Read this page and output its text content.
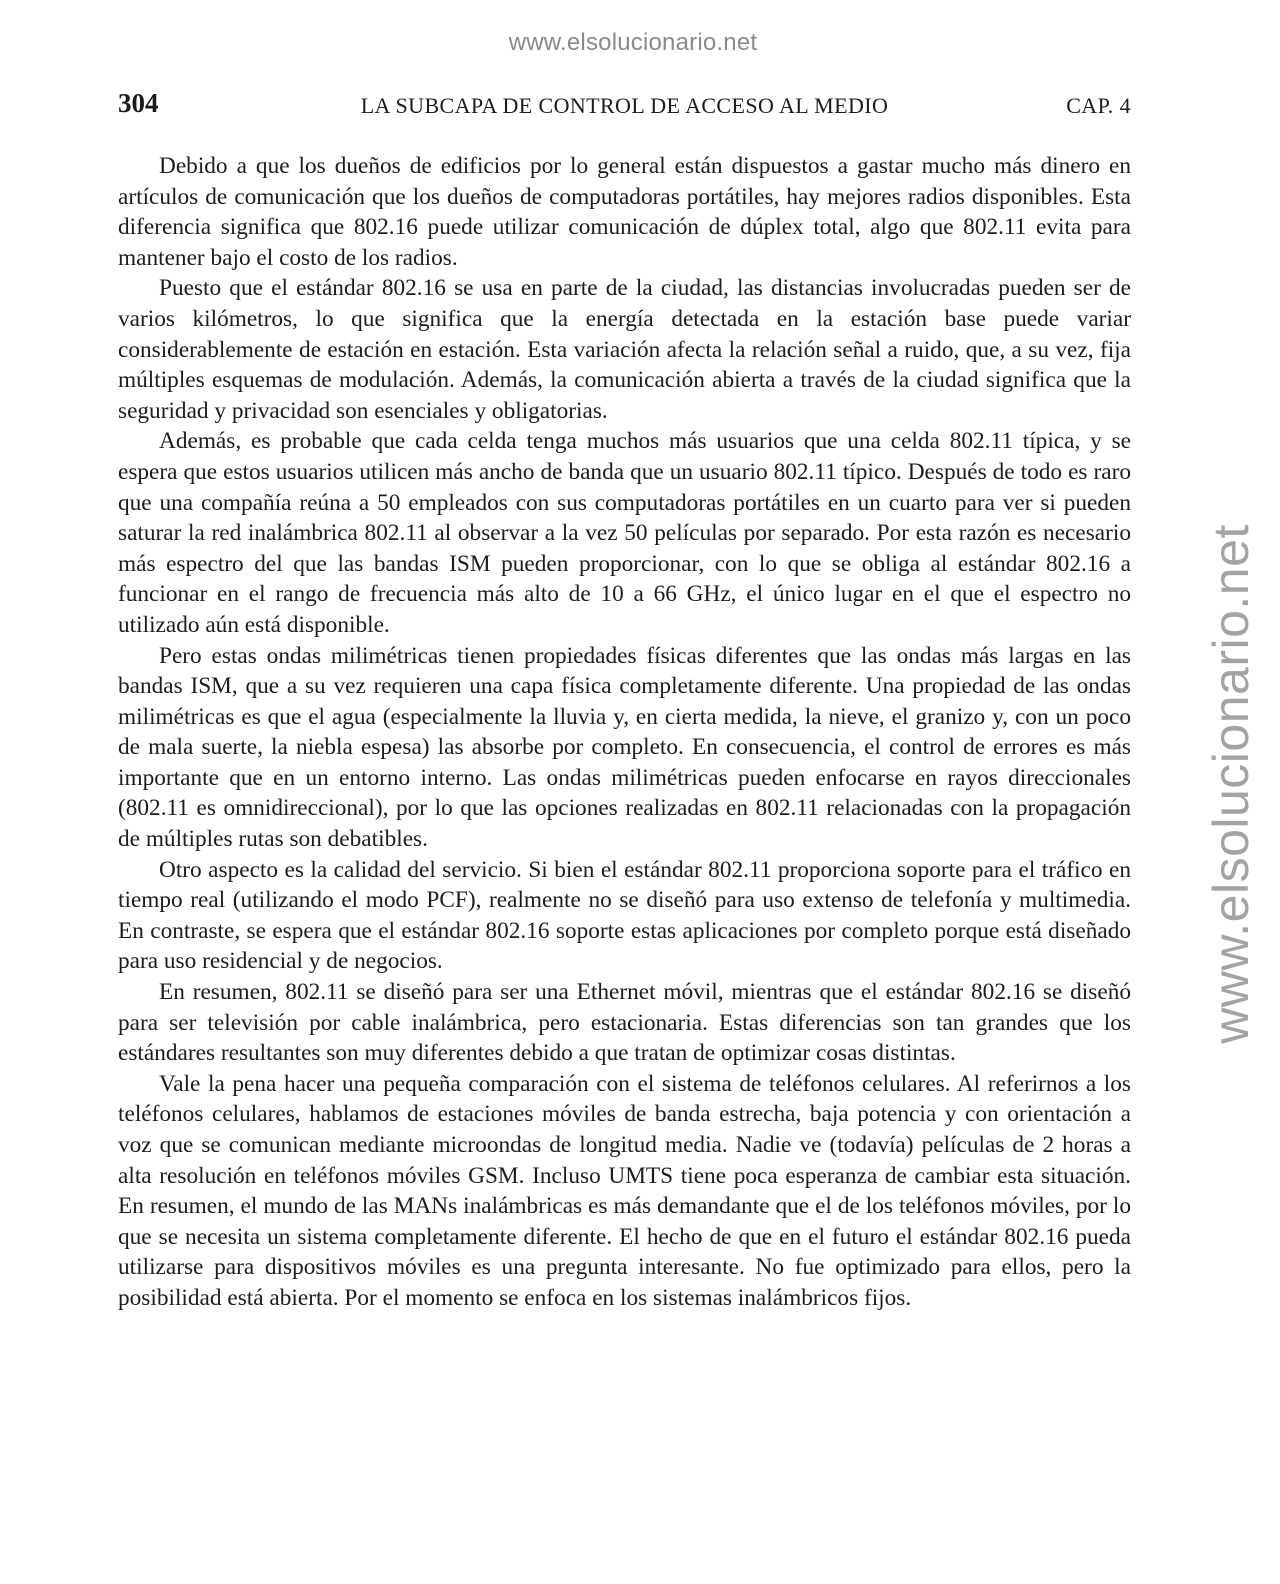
www.elsolucionario.net
304	LA SUBCAPA DE CONTROL DE ACCESO AL MEDIO	CAP. 4

Debido a que los dueños de edificios por lo general están dispuestos a gastar mucho más dinero en artículos de comunicación que los dueños de computadoras portátiles, hay mejores radios disponibles. Esta diferencia significa que 802.16 puede utilizar comunicación de dúplex total, algo que 802.11 evita para mantener bajo el costo de los radios.

Puesto que el estándar 802.16 se usa en parte de la ciudad, las distancias involucradas pueden ser de varios kilómetros, lo que significa que la energía detectada en la estación base puede variar considerablemente de estación en estación. Esta variación afecta la relación señal a ruido, que, a su vez, fija múltiples esquemas de modulación. Además, la comunicación abierta a través de la ciudad significa que la seguridad y privacidad son esenciales y obligatorias.

Además, es probable que cada celda tenga muchos más usuarios que una celda 802.11 típica, y se espera que estos usuarios utilicen más ancho de banda que un usuario 802.11 típico. Después de todo es raro que una compañía reúna a 50 empleados con sus computadoras portátiles en un cuarto para ver si pueden saturar la red inalámbrica 802.11 al observar a la vez 50 películas por separado. Por esta razón es necesario más espectro del que las bandas ISM pueden proporcionar, con lo que se obliga al estándar 802.16 a funcionar en el rango de frecuencia más alto de 10 a 66 GHz, el único lugar en el que el espectro no utilizado aún está disponible.

Pero estas ondas milimétricas tienen propiedades físicas diferentes que las ondas más largas en las bandas ISM, que a su vez requieren una capa física completamente diferente. Una propiedad de las ondas milimétricas es que el agua (especialmente la lluvia y, en cierta medida, la nieve, el granizo y, con un poco de mala suerte, la niebla espesa) las absorbe por completo. En consecuencia, el control de errores es más importante que en un entorno interno. Las ondas milimétricas pueden enfocarse en rayos direccionales (802.11 es omnidireccional), por lo que las opciones realizadas en 802.11 relacionadas con la propagación de múltiples rutas son debatibles.

Otro aspecto es la calidad del servicio. Si bien el estándar 802.11 proporciona soporte para el tráfico en tiempo real (utilizando el modo PCF), realmente no se diseñó para uso extenso de telefonía y multimedia. En contraste, se espera que el estándar 802.16 soporte estas aplicaciones por completo porque está diseñado para uso residencial y de negocios.

En resumen, 802.11 se diseñó para ser una Ethernet móvil, mientras que el estándar 802.16 se diseñó para ser televisión por cable inalámbrica, pero estacionaria. Estas diferencias son tan grandes que los estándares resultantes son muy diferentes debido a que tratan de optimizar cosas distintas.

Vale la pena hacer una pequeña comparación con el sistema de teléfonos celulares. Al referirnos a los teléfonos celulares, hablamos de estaciones móviles de banda estrecha, baja potencia y con orientación a voz que se comunican mediante microondas de longitud media. Nadie ve (todavía) películas de 2 horas a alta resolución en teléfonos móviles GSM. Incluso UMTS tiene poca esperanza de cambiar esta situación. En resumen, el mundo de las MANs inalámbricas es más demandante que el de los teléfonos móviles, por lo que se necesita un sistema completamente diferente. El hecho de que en el futuro el estándar 802.16 pueda utilizarse para dispositivos móviles es una pregunta interesante. No fue optimizado para ellos, pero la posibilidad está abierta. Por el momento se enfoca en los sistemas inalámbricos fijos.

www.elsolucionario.net
